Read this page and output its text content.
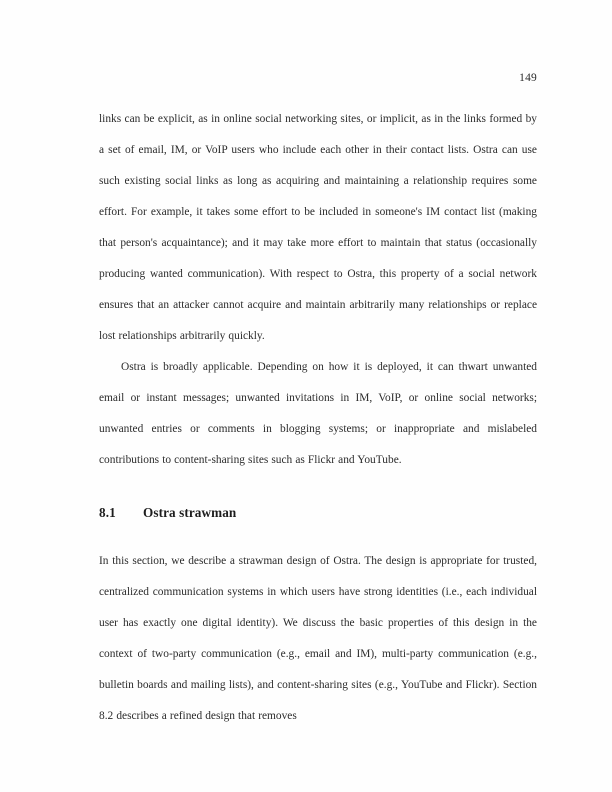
149

links can be explicit, as in online social networking sites, or implicit, as in the links formed by a set of email, IM, or VoIP users who include each other in their contact lists. Ostra can use such existing social links as long as acquiring and maintaining a relationship requires some effort. For example, it takes some effort to be included in someone's IM contact list (making that person's acquaintance); and it may take more effort to maintain that status (occasionally producing wanted communication). With respect to Ostra, this property of a social network ensures that an attacker cannot acquire and maintain arbitrarily many relationships or replace lost relationships arbitrarily quickly.

Ostra is broadly applicable. Depending on how it is deployed, it can thwart unwanted email or instant messages; unwanted invitations in IM, VoIP, or online social networks; unwanted entries or comments in blogging systems; or inappropriate and mislabeled contributions to content-sharing sites such as Flickr and YouTube.

8.1 Ostra strawman

In this section, we describe a strawman design of Ostra. The design is appropriate for trusted, centralized communication systems in which users have strong identities (i.e., each individual user has exactly one digital identity). We discuss the basic properties of this design in the context of two-party communication (e.g., email and IM), multi-party communication (e.g., bulletin boards and mailing lists), and content-sharing sites (e.g., YouTube and Flickr). Section 8.2 describes a refined design that removes
